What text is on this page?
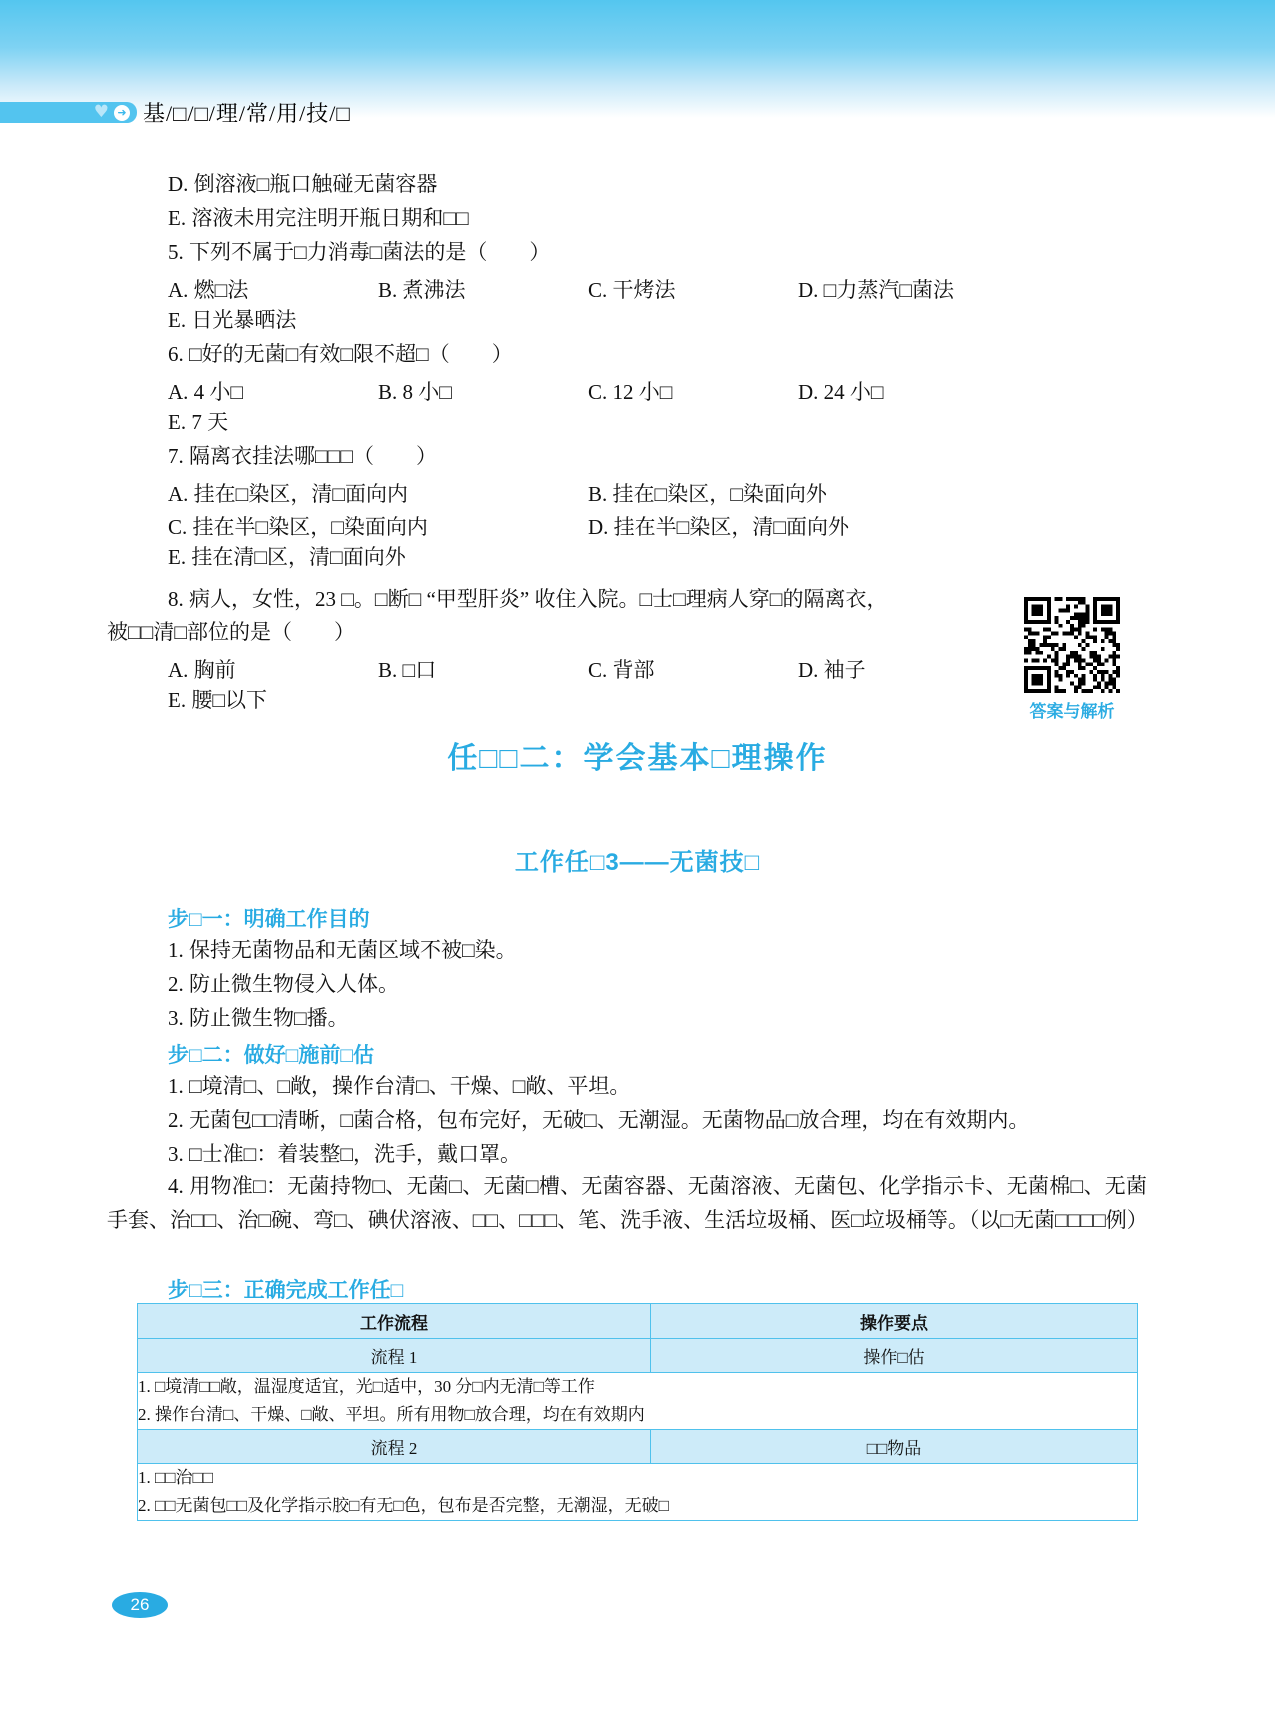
♥ ➜ 基/□/□/理/常/用/技/□
D. 倒溶液□瓶口触碰无菌容器
E. 溶液未用完注明开瓶日期和□□
5. 下列不属于□力消毒□菌法的是（　　）
A. 燃□法	B. 煮沸法	C. 干烤法	D. □力蒸汽□菌法
E. 日光暴晒法
6. □好的无菌□有效□限不超□（　　）
A. 4 小□	B. 8 小□	C. 12 小□	D. 24 小□
E. 7 天
7. 隔离衣挂法哪□□□（　　）
A. 挂在□染区，清□面向内	B. 挂在□染区，□染面向外
C. 挂在半□染区，□染面向内	D. 挂在半□染区，清□面向外
E. 挂在清□区，清□面向外
8. 病人，女性，23 □。□断□ “甲型肝炎” 收住入院。□士□理病人穿□的隔离衣，
被□□清□部位的是（　　）
A. 胸前	B. □口	C. 背部	D. 袖子
E. 腰□以下	答案与解析
任□□二：学会基本□理操作
工作任□3——无菌技□
步□一：明确工作目的
1. 保持无菌物品和无菌区域不被□染。
2. 防止微生物侵入人体。
3. 防止微生物□播。
步□二：做好□施前□估
1. □境清□、□敞，操作台清□、干燥、□敞、平坦。
2. 无菌包□□清晰，□菌合格，包布完好，无破□、无潮湿。无菌物品□放合理，均在有效期内。
3. □士准□：着装整□，洗手，戴口罩。
4. 用物准□：无菌持物□、无菌□、无菌□槽、无菌容器、无菌溶液、无菌包、化学指示卡、无菌棉□、无菌手套、治□□、治□碗、弯□、碘伏溶液、□□、□□□、笔、洗手液、生活垃圾桶、医□垃圾桶等。（以□无菌□□□□例）
步□三：正确完成工作任□
工作流程	操作要点
流程 1	操作□估

1. □境清□□敞，温湿度适宜，光□适中，30 分□内无清□等工作
2. 操作台清□、干燥、□敞、平坦。所有用物□放合理，均在有效期内	

流程 2	□□物品

1. □□治□□
2. □□无菌包□□及化学指示胶□有无□色，包布是否完整，无潮湿，无破□	
26
